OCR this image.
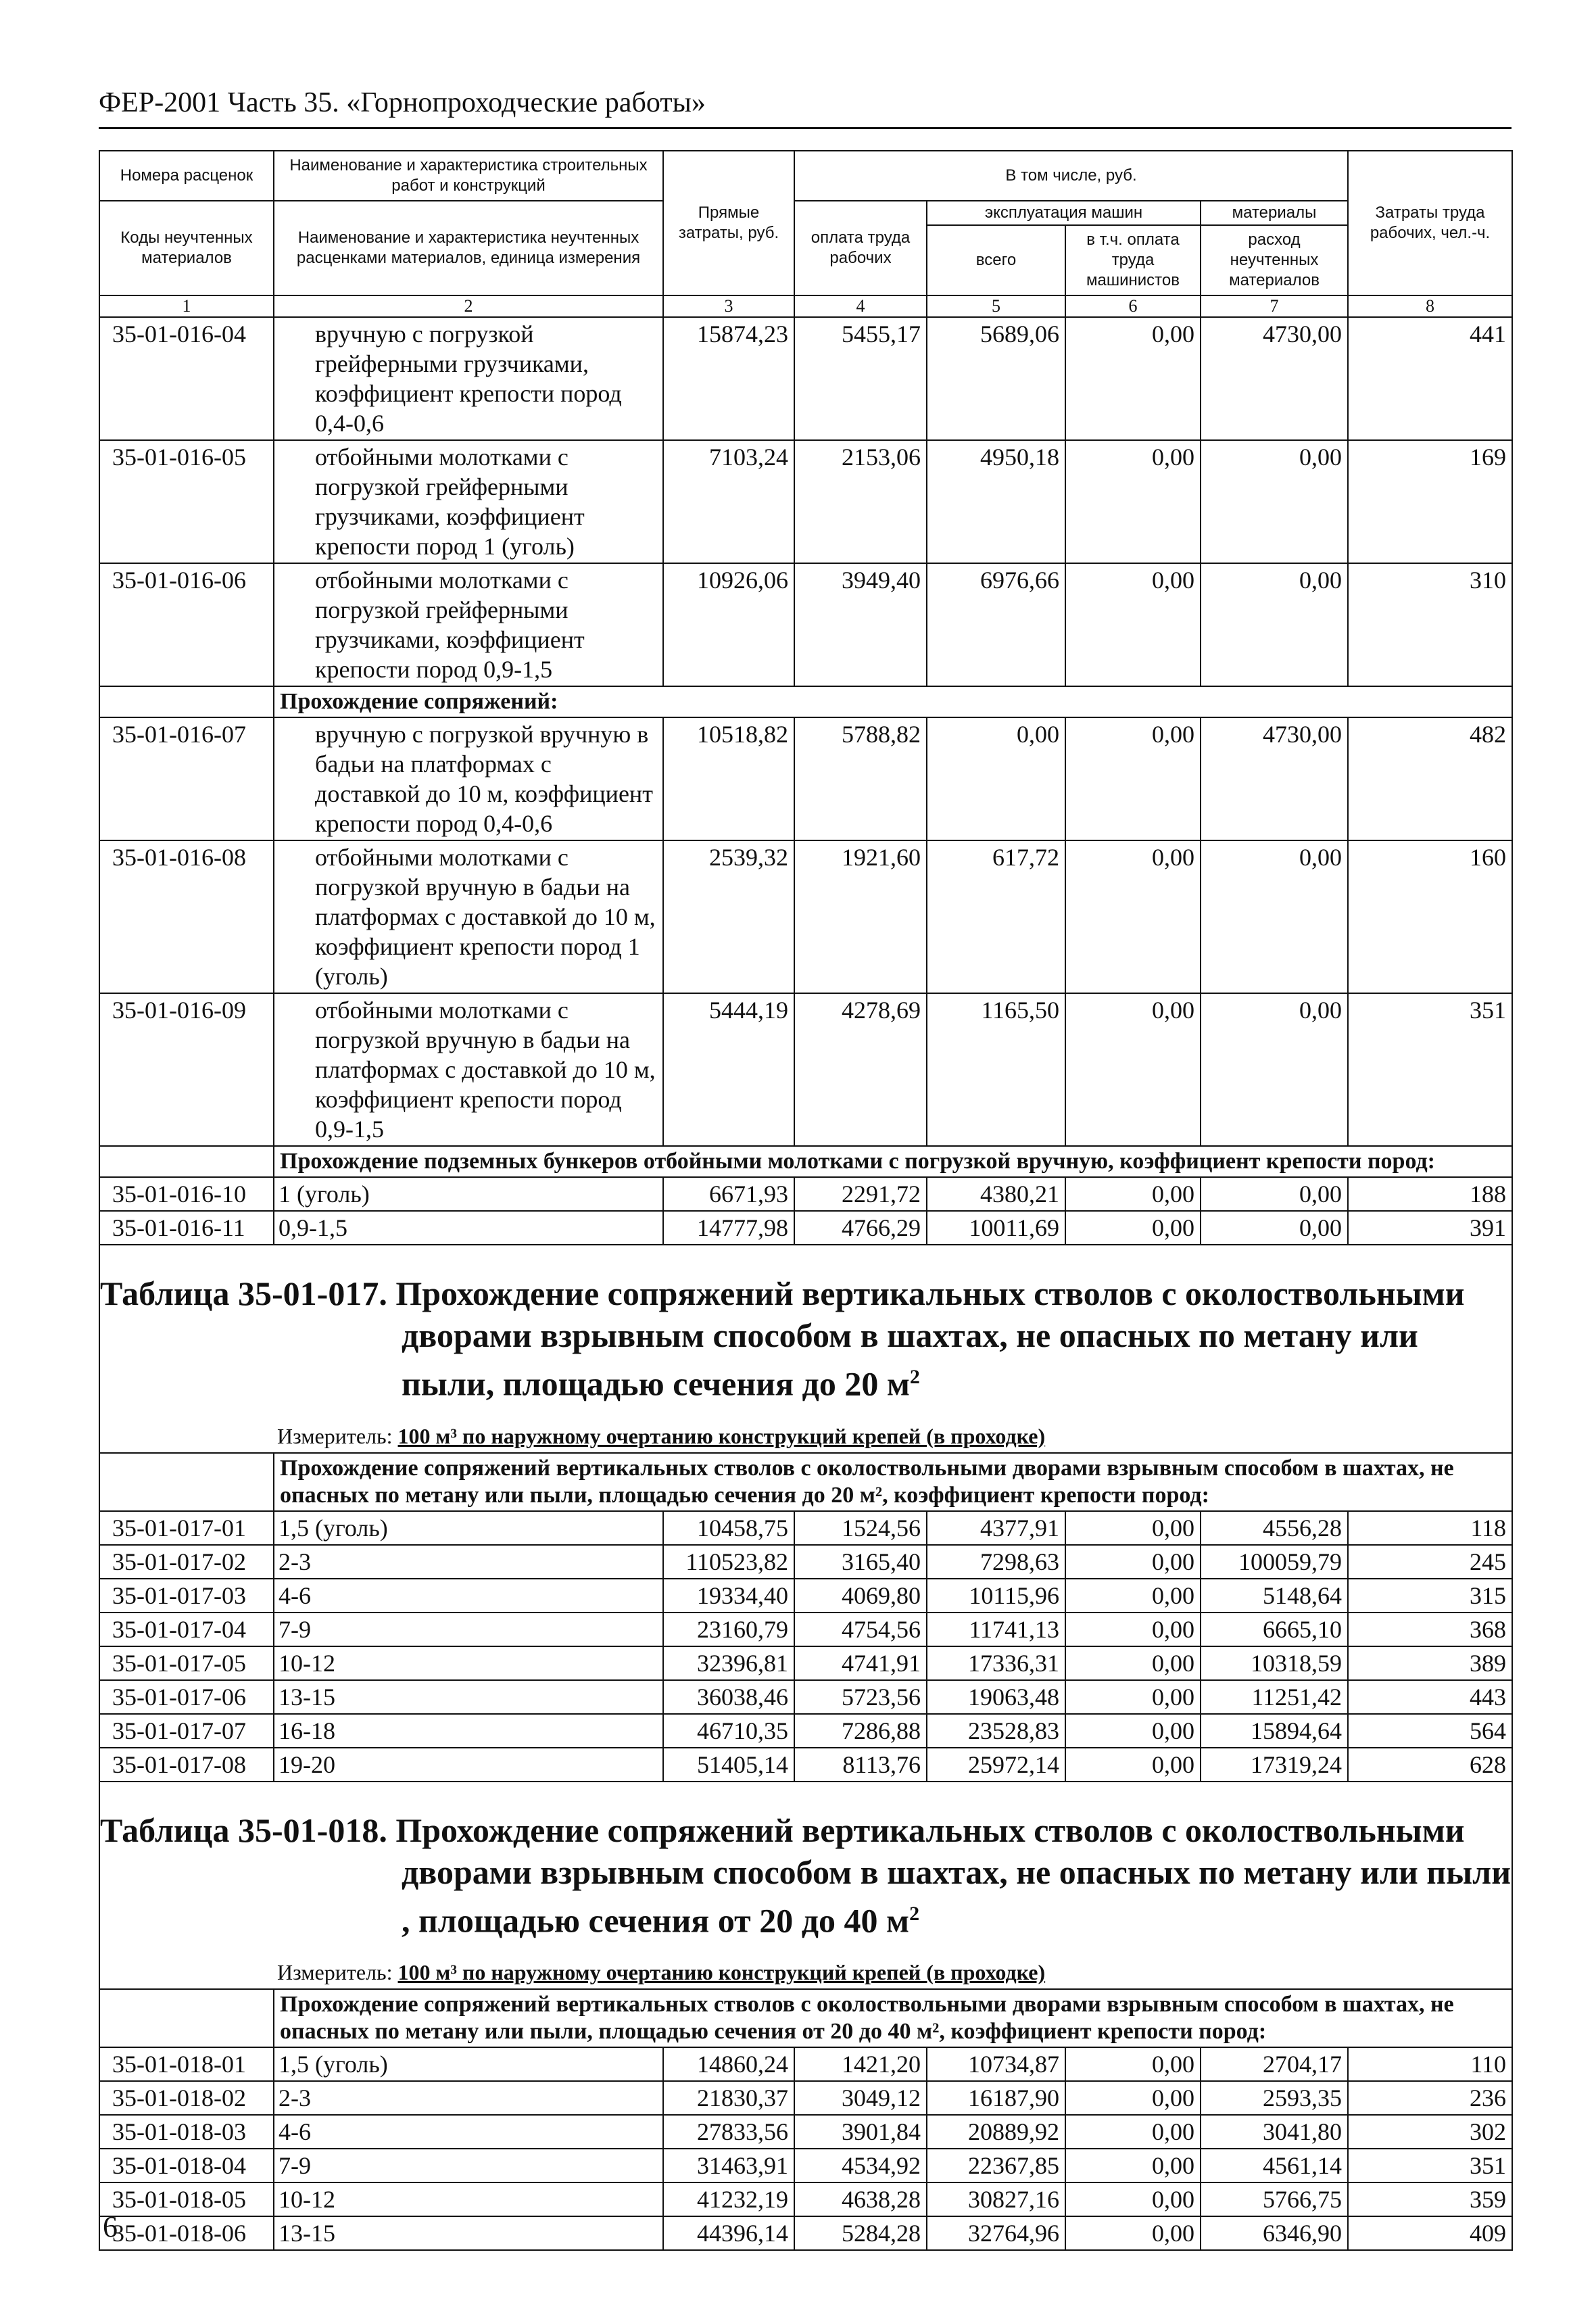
ФЕР-2001 Часть 35. «Горнопроходческие работы»
Номера расценок	Наименование и характеристика строительных работ и конструкций	Прямые затраты, руб.	В том числе, руб.				Затраты труда рабочих, чел.-ч.
Коды неучтенных материалов	Наименование и характеристика неучтенных расценками материалов, единица измерения		оплата труда рабочих	эксплуатация машин		материалы	
				всего	в т.ч. оплата труда машинистов	расход неучтенных материалов	
1	2	3	4	5	6	7	8
35-01-016-04	вручную с погрузкой грейферными грузчиками, коэффициент крепости пород 0,4-0,6	15874,23	5455,17	5689,06	0,00	4730,00	441
35-01-016-05	отбойными молотками с погрузкой грейферными грузчиками, коэффициент крепости пород 1 (уголь)	7103,24	2153,06	4950,18	0,00	0,00	169
35-01-016-06	отбойными молотками с погрузкой грейферными грузчиками, коэффициент крепости пород 0,9-1,5	10926,06	3949,40	6976,66	0,00	0,00	310
	Прохождение сопряжений:						
35-01-016-07	вручную с погрузкой вручную в бадьи на платформах с доставкой до 10 м, коэффициент крепости пород 0,4-0,6	10518,82	5788,82	0,00	0,00	4730,00	482
35-01-016-08	отбойными молотками с погрузкой вручную в бадьи на платформах с доставкой до 10 м, коэффициент крепости пород 1 (уголь)	2539,32	1921,60	617,72	0,00	0,00	160
35-01-016-09	отбойными молотками с погрузкой вручную в бадьи на платформах с доставкой до 10 м, коэффициент крепости пород 0,9-1,5	5444,19	4278,69	1165,50	0,00	0,00	351
	Прохождение подземных бункеров отбойными молотками с погрузкой вручную, коэффициент крепости пород:						
35-01-016-10	1 (уголь)	6671,93	2291,72	4380,21	0,00	0,00	188
35-01-016-11	0,9-1,5	14777,98	4766,29	10011,69	0,00	0,00	391

Таблица 35-01-017. Прохождение сопряжений вертикальных стволов с околоствольными
дворами взрывным способом в шахтах, не опасных по метану или
пыли, площадью сечения до 20 $м^2$

Измеритель: 100 м³ по наружному очертанию конструкций крепей (в проходке)							
	Прохождение сопряжений вертикальных стволов с околоствольными дворами взрывным способом в шахтах, не опасных по метану или пыли, площадью сечения до 20 м², коэффициент крепости пород:						
35-01-017-01	1,5 (уголь)	10458,75	1524,56	4377,91	0,00	4556,28	118
35-01-017-02	2-3	110523,82	3165,40	7298,63	0,00	100059,79	245
35-01-017-03	4-6	19334,40	4069,80	10115,96	0,00	5148,64	315
35-01-017-04	7-9	23160,79	4754,56	11741,13	0,00	6665,10	368
35-01-017-05	10-12	32396,81	4741,91	17336,31	0,00	10318,59	389
35-01-017-06	13-15	36038,46	5723,56	19063,48	0,00	11251,42	443
35-01-017-07	16-18	46710,35	7286,88	23528,83	0,00	15894,64	564
35-01-017-08	19-20	51405,14	8113,76	25972,14	0,00	17319,24	628

Таблица 35-01-018. Прохождение сопряжений вертикальных стволов с околоствольными
дворами взрывным способом в шахтах, не опасных по метану или пыли
, площадью сечения от 20 до 40 $м^2$

Измеритель: 100 м³ по наружному очертанию конструкций крепей (в проходке)							
	Прохождение сопряжений вертикальных стволов с околоствольными дворами взрывным способом в шахтах, не опасных по метану или пыли, площадью сечения от 20 до 40 м², коэффициент крепости пород:						
35-01-018-01	1,5 (уголь)	14860,24	1421,20	10734,87	0,00	2704,17	110
35-01-018-02	2-3	21830,37	3049,12	16187,90	0,00	2593,35	236
35-01-018-03	4-6	27833,56	3901,84	20889,92	0,00	3041,80	302
35-01-018-04	7-9	31463,91	4534,92	22367,85	0,00	4561,14	351
35-01-018-05	10-12	41232,19	4638,28	30827,16	0,00	5766,75	359
35-01-018-06	13-15	44396,14	5284,28	32764,96	0,00	6346,90	409
6
